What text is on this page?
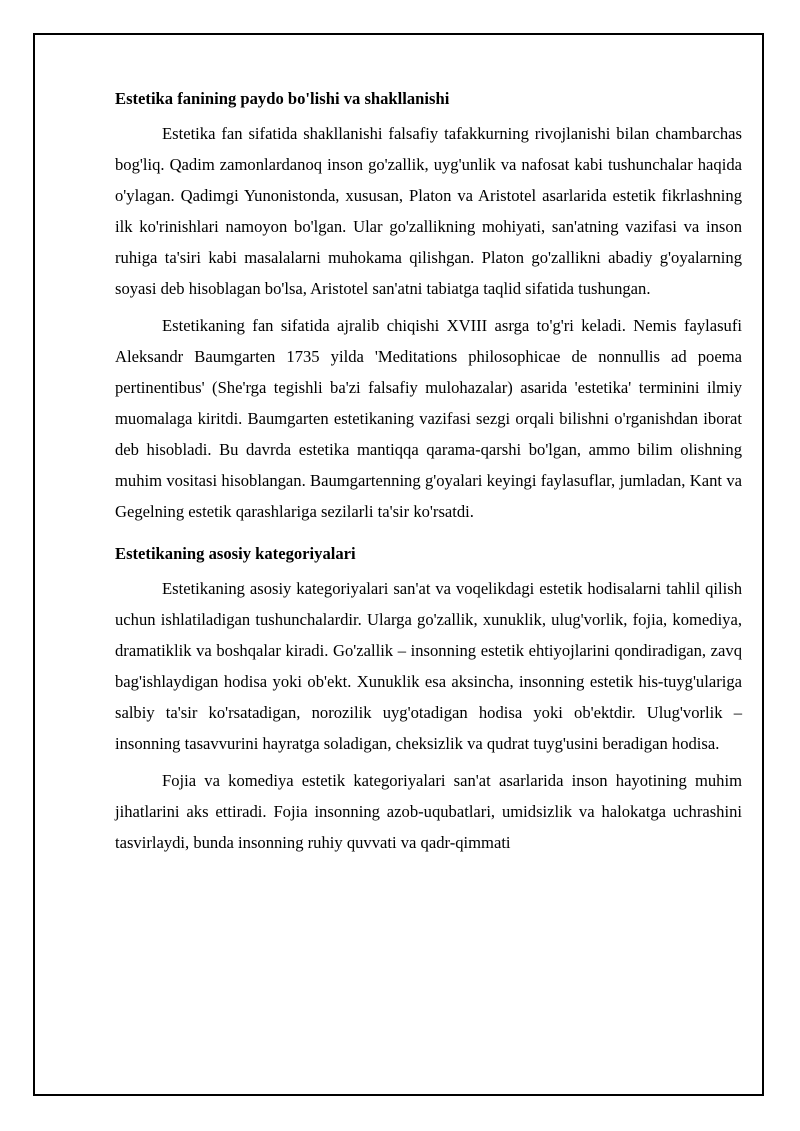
Estetika fanining paydo bo'lishi va shakllanishi

Estetika fan sifatida shakllanishi falsafiy tafakkurning rivojlanishi bilan chambarchas bog'liq. Qadim zamonlardanoq inson go'zallik, uyg'unlik va nafosat kabi tushunchalar haqida o'ylagan. Qadimgi Yunonistonda, xususan, Platon va Aristotel asarlarida estetik fikrlashning ilk ko'rinishlari namoyon bo'lgan. Ular go'zallikning mohiyati, san'atning vazifasi va inson ruhiga ta'siri kabi masalalarni muhokama qilishgan. Platon go'zallikni abadiy g'oyalarning soyasi deb hisoblagan bo'lsa, Aristotel san'atni tabiatga taqlid sifatida tushungan.

Estetikaning fan sifatida ajralib chiqishi XVIII asrga to'g'ri keladi. Nemis faylasufi Aleksandr Baumgarten 1735 yilda 'Meditations philosophicae de nonnullis ad poema pertinentibus' (She'rga tegishli ba'zi falsafiy mulohazalar) asarida 'estetika' terminini ilmiy muomalaga kiritdi. Baumgarten estetikaning vazifasi sezgi orqali bilishni o'rganishdan iborat deb hisobladi. Bu davrda estetika mantiqqa qarama-qarshi bo'lgan, ammo bilim olishning muhim vositasi hisoblangan. Baumgartenning g'oyalari keyingi faylasuflar, jumladan, Kant va Gegelning estetik qarashlariga sezilarli ta'sir ko'rsatdi.

Estetikaning asosiy kategoriyalari

Estetikaning asosiy kategoriyalari san'at va voqelikdagi estetik hodisalarni tahlil qilish uchun ishlatiladigan tushunchalardir. Ularga go'zallik, xunuklik, ulug'vorlik, fojia, komediya, dramatiklik va boshqalar kiradi. Go'zallik – insonning estetik ehtiyojlarini qondiradigan, zavq bag'ishlaydigan hodisa yoki ob'ekt. Xunuklik esa aksincha, insonning estetik his-tuyg'ulariga salbiy ta'sir ko'rsatadigan, norozilik uyg'otadigan hodisa yoki ob'ektdir. Ulug'vorlik – insonning tasavvurini hayratga soladigan, cheksizlik va qudrat tuyg'usini beradigan hodisa.

Fojia va komediya estetik kategoriyalari san'at asarlarida inson hayotining muhim jihatlarini aks ettiradi. Fojia insonning azob-uqubatlari, umidsizlik va halokatga uchrashini tasvirlaydi, bunda insonning ruhiy quvvati va qadr-qimmati
